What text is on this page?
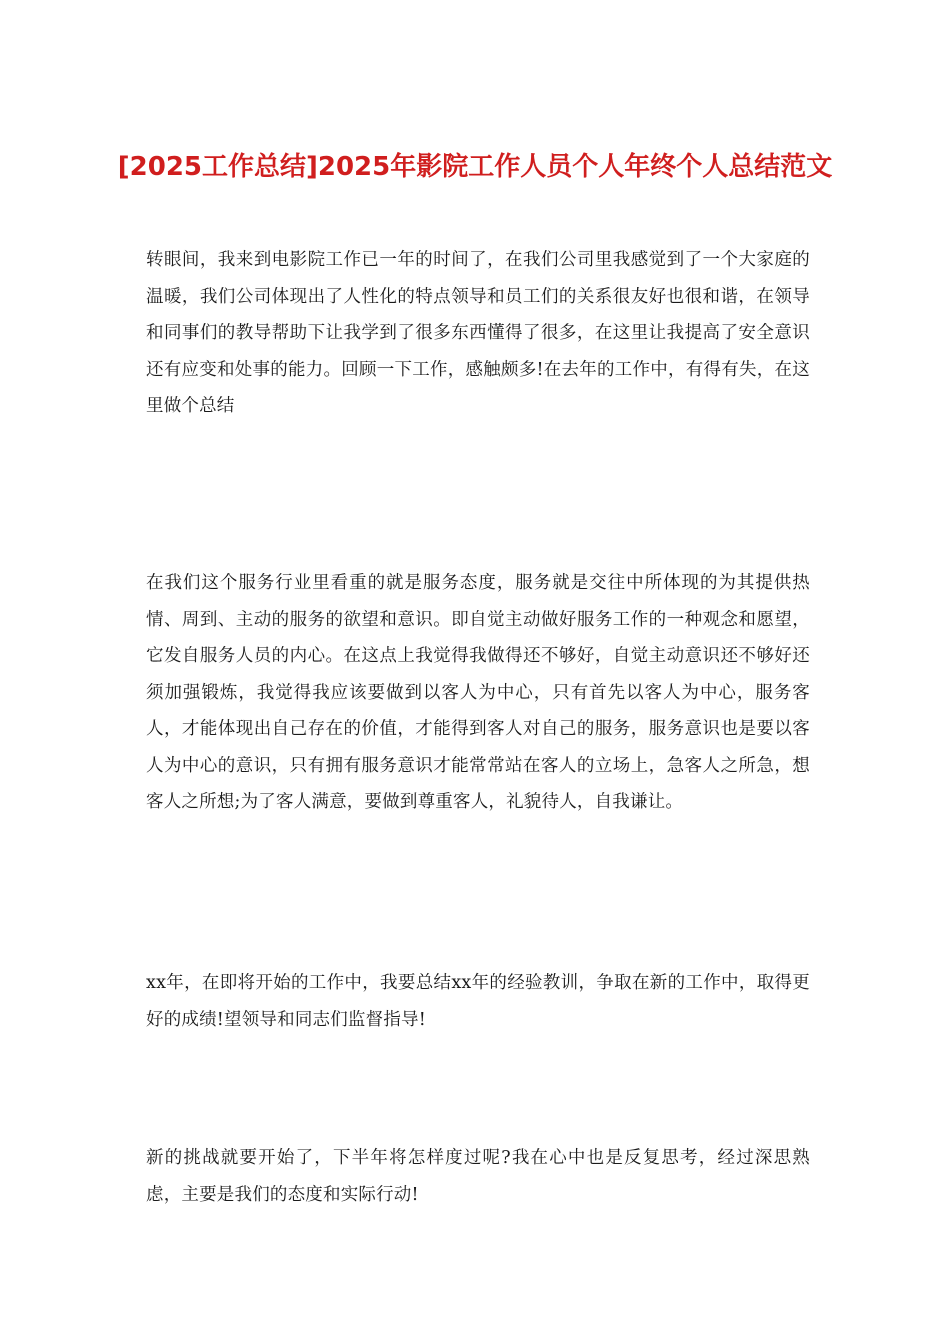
[2025工作总结]2025年影院工作人员个人年终个人总结范文

转眼间，我来到电影院工作已一年的时间了，在我们公司里我感觉到了一个大家庭的温暖，我们公司体现出了人性化的特点领导和员工们的关系很友好也很和谐，在领导和同事们的教导帮助下让我学到了很多东西懂得了很多，在这里让我提高了安全意识还有应变和处事的能力。回顾一下工作，感触颇多!在去年的工作中，有得有失，在这里做个总结

在我们这个服务行业里看重的就是服务态度，服务就是交往中所体现的为其提供热情、周到、主动的服务的欲望和意识。即自觉主动做好服务工作的一种观念和愿望，它发自服务人员的内心。在这点上我觉得我做得还不够好，自觉主动意识还不够好还须加强锻炼，我觉得我应该要做到以客人为中心，只有首先以客人为中心，服务客人，才能体现出自己存在的价值，才能得到客人对自己的服务，服务意识也是要以客人为中心的意识，只有拥有服务意识才能常常站在客人的立场上，急客人之所急，想客人之所想;为了客人满意，要做到尊重客人，礼貌待人，自我谦让。

xx年，在即将开始的工作中，我要总结xx年的经验教训，争取在新的工作中，取得更好的成绩!望领导和同志们监督指导!

新的挑战就要开始了，下半年将怎样度过呢?我在心中也是反复思考，经过深思熟虑，主要是我们的态度和实际行动!
